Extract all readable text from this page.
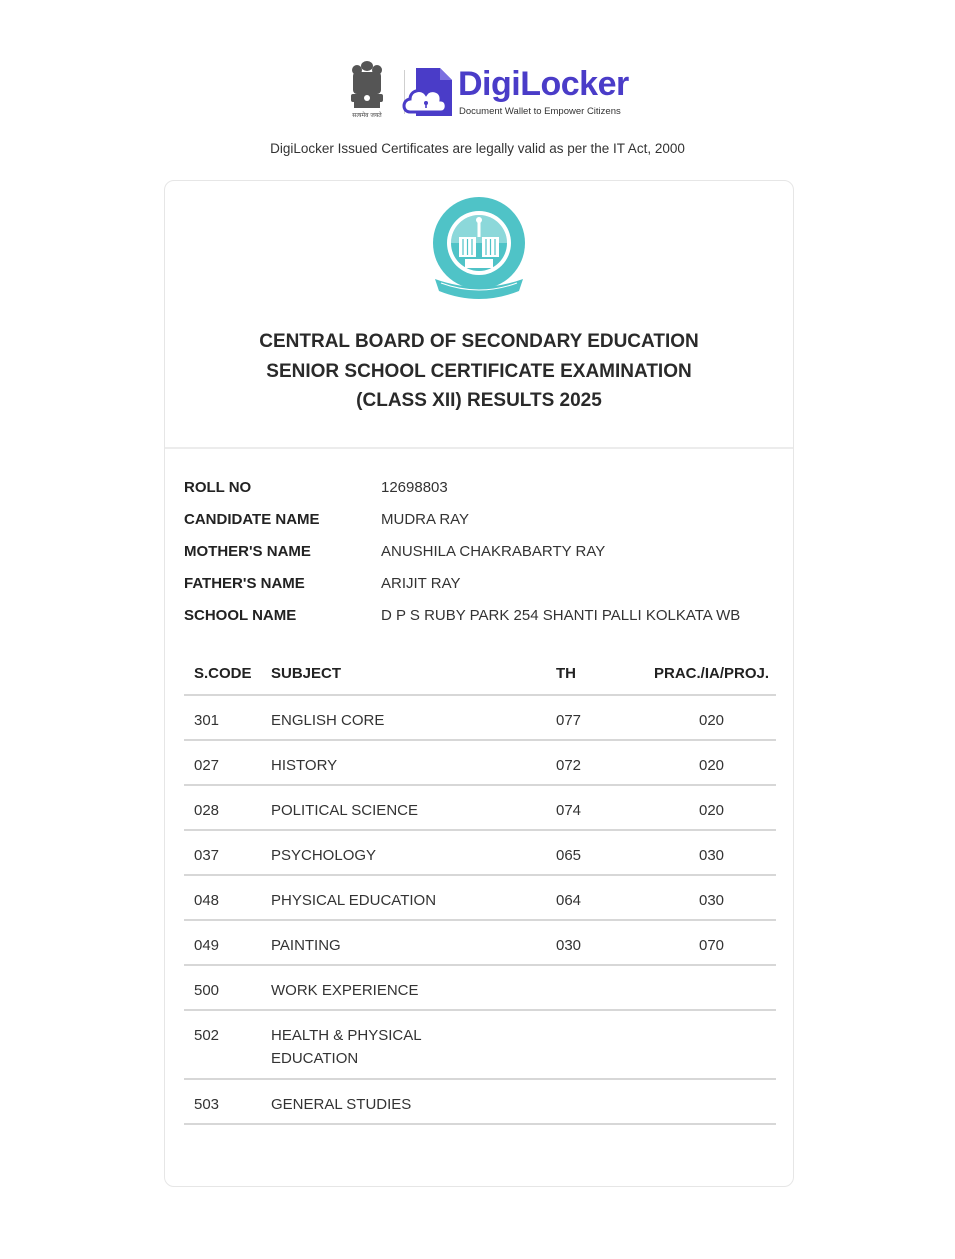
सत्यमेव जयते
DigiLocker
Document Wallet to Empower Citizens
DigiLocker Issued Certificates are legally valid as per the IT Act, 2000
CENTRAL BOARD OF SECONDARY EDUCATION
SENIOR SCHOOL CERTIFICATE EXAMINATION
(CLASS XII) RESULTS 2025
ROLL NO	12698803
CANDIDATE NAME	MUDRA RAY
MOTHER'S NAME	ANUSHILA CHAKRABARTY RAY
FATHER'S NAME	ARIJIT RAY
SCHOOL NAME	D P S RUBY PARK 254 SHANTI PALLI KOLKATA WB
S.CODE	SUBJECT	TH	PRAC./IA/PROJ.
301	ENGLISH CORE	077	020
027	HISTORY	072	020
028	POLITICAL SCIENCE	074	020
037	PSYCHOLOGY	065	030
048	PHYSICAL EDUCATION	064	030
049	PAINTING	030	070
500	WORK EXPERIENCE		
502	HEALTH & PHYSICAL EDUCATION		

503	GENERAL STUDIES		
